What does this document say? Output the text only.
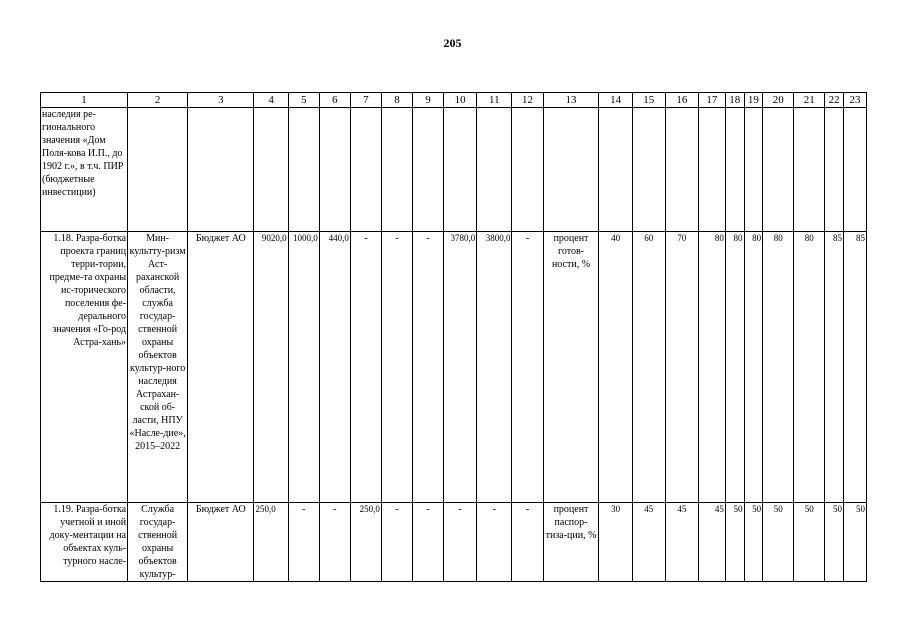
205
1	2	3	4	5	6	7	8	9	10	11	12	13	14	15	16	17	18	19	20	21	22	23
наследия ре-гионального значения «Дом Поля-кова И.П., до 1902 г.», в т.ч. ПИР (бюджетные инвестиции)																						
1.18. Разра-ботка проекта границ терри-тории, предме-та охраны ис-торического поселения фе-дерального значения «Го-род Астра-хань»	Мин-культту-ризм Аст-раханской области, служба государ-ственной охраны объектов культур-ного наследия Астрахан-ской об-ласти, НПУ «Насле-дие», 2015–2022	Бюджет АО	9020,0	1000,0	440,0	-	-	-	3780,0	3800,0	-	процент готов-ности, %	40	60	70	80	80	80	80	80	85	85

1.19. Разра-ботка учетной и иной доку-ментации на объектах куль-турного насле-	Служба государ-ственной охраны объектов культур-	Бюджет АО	250,0	-	-	250,0	-	-	-	-	-	процент паспор-тиза-ции, %	30	45	45	45	50	50	50	50	50	50
